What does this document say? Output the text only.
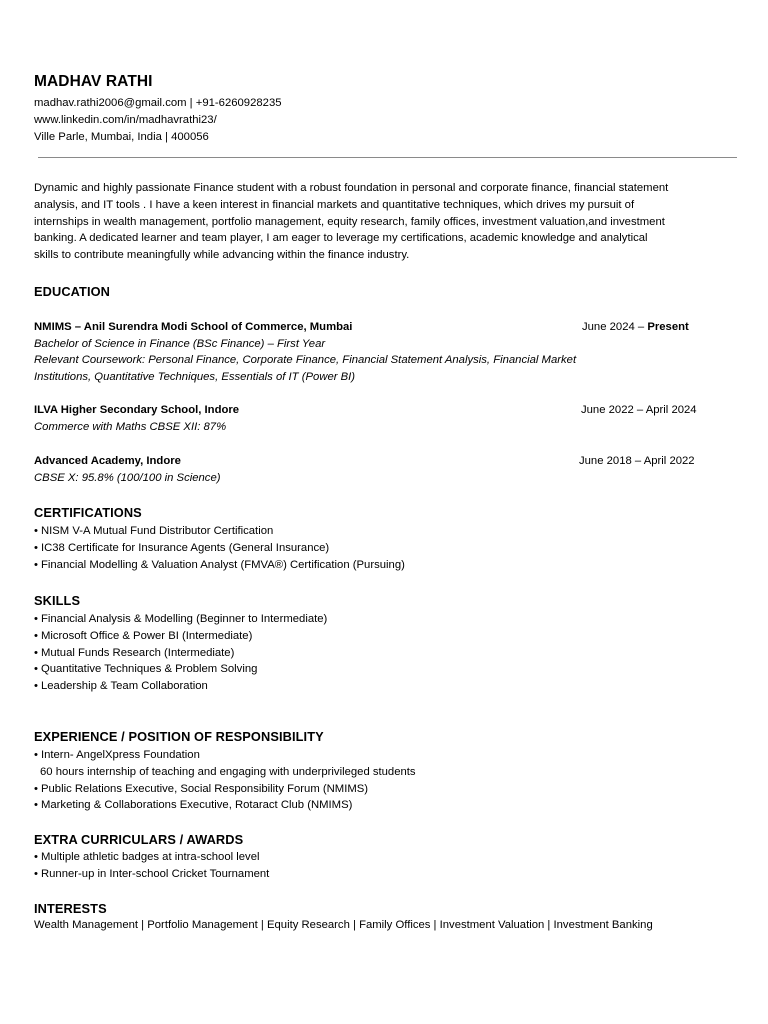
MADHAV RATHI
madhav.rathi2006@gmail.com | +91-6260928235
www.linkedin.com/in/madhavrathi23/
Ville Parle, Mumbai, India | 400056
Dynamic and highly passionate Finance student with a robust foundation in personal and corporate finance, financial statement
analysis, and IT tools . I have a keen interest in financial markets and quantitative techniques, which drives my pursuit of
internships in wealth management, portfolio management, equity research, family offices, investment valuation,and investment
banking. A dedicated learner and team player, I am eager to leverage my certifications, academic knowledge and analytical
skills to contribute meaningfully while advancing within the finance industry.
EDUCATION
NMIMS – Anil Surendra Modi School of Commerce, Mumbai	June 2024 – Present
Bachelor of Science in Finance (BSc Finance) – First Year
Relevant Coursework: Personal Finance, Corporate Finance, Financial Statement Analysis, Financial Market
Institutions, Quantitative Techniques, Essentials of IT (Power BI)
ILVA Higher Secondary School, Indore	June 2022 – April 2024
Commerce with Maths CBSE XII: 87%
Advanced Academy, Indore	June 2018 – April 2022
CBSE X: 95.8% (100/100 in Science)
CERTIFICATIONS
• NISM V-A Mutual Fund Distributor Certification
• IC38 Certificate for Insurance Agents (General Insurance)
• Financial Modelling & Valuation Analyst (FMVA®) Certification (Pursuing)
SKILLS
• Financial Analysis & Modelling (Beginner to Intermediate)
• Microsoft Office & Power BI (Intermediate)
• Mutual Funds Research (Intermediate)
• Quantitative Techniques & Problem Solving
• Leadership & Team Collaboration
EXPERIENCE / POSITION OF RESPONSIBILITY
• Intern- AngelXpress Foundation
60 hours internship of teaching and engaging with underprivileged students
• Public Relations Executive, Social Responsibility Forum (NMIMS)
• Marketing & Collaborations Executive, Rotaract Club (NMIMS)
EXTRA CURRICULARS / AWARDS
• Multiple athletic badges at intra-school level
• Runner-up in Inter-school Cricket Tournament
INTERESTS
Wealth Management | Portfolio Management | Equity Research | Family Offices | Investment Valuation | Investment Banking
